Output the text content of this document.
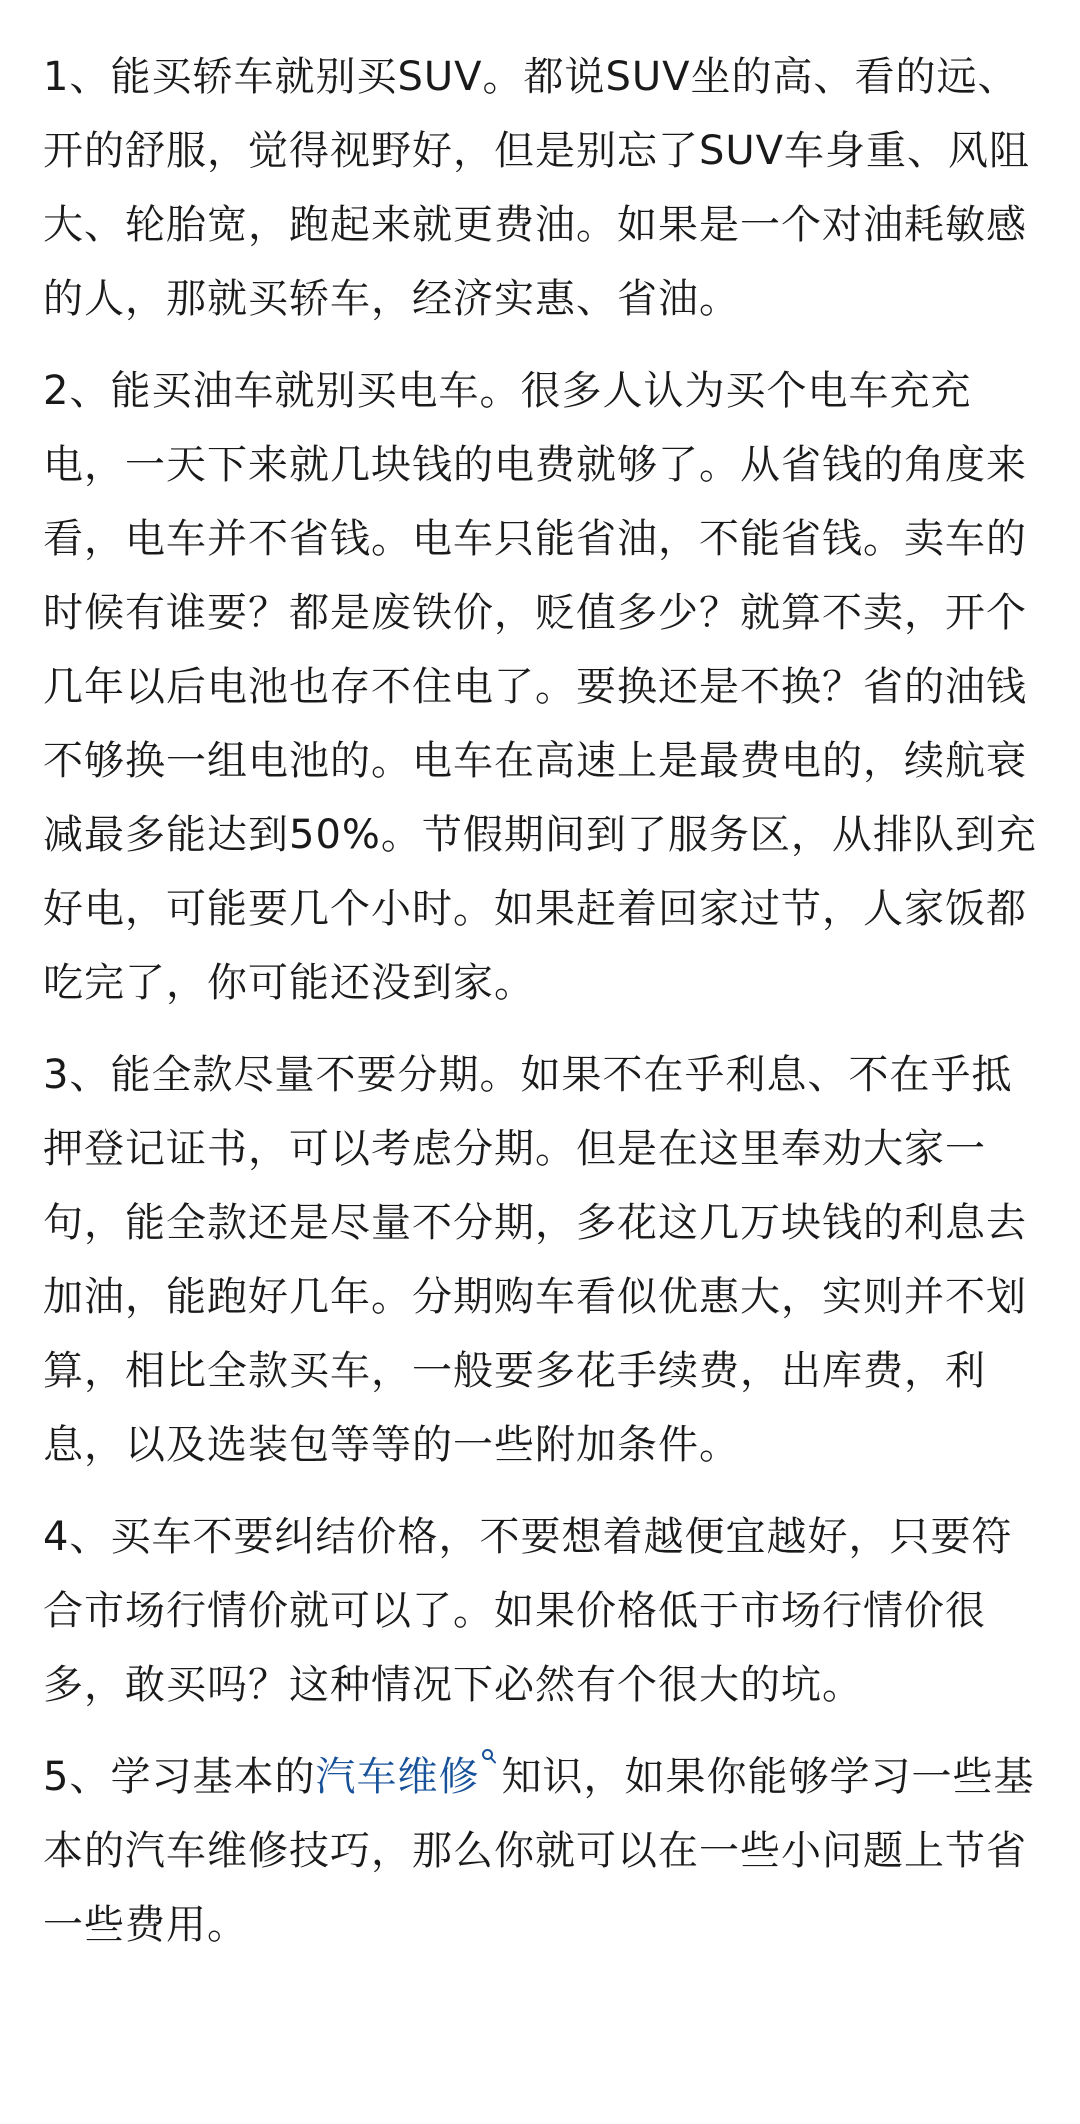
1、能买轿车就别买SUV。都说SUV坐的高、看的远、开的舒服，觉得视野好，但是别忘了SUV车身重、风阻大、轮胎宽，跑起来就更费油。如果是一个对油耗敏感的人，那就买轿车，经济实惠、省油。

2、能买油车就别买电车。很多人认为买个电车充充电，一天下来就几块钱的电费就够了。从省钱的角度来看，电车并不省钱。电车只能省油，不能省钱。卖车的时候有谁要？都是废铁价，贬值多少？就算不卖，开个几年以后电池也存不住电了。要换还是不换？省的油钱不够换一组电池的。电车在高速上是最费电的，续航衰减最多能达到50%。节假期间到了服务区，从排队到充好电，可能要几个小时。如果赶着回家过节，人家饭都吃完了，你可能还没到家。

3、能全款尽量不要分期。如果不在乎利息、不在乎抵押登记证书，可以考虑分期。但是在这里奉劝大家一句，能全款还是尽量不分期，多花这几万块钱的利息去加油，能跑好几年。分期购车看似优惠大，实则并不划算，相比全款买车，一般要多花手续费，出库费，利息，以及选装包等等的一些附加条件。

4、买车不要纠结价格，不要想着越便宜越好，只要符合市场行情价就可以了。如果价格低于市场行情价很多，敢买吗？这种情况下必然有个很大的坑。

5、学习基本的汽车维修 知识，如果你能够学习一些基本的汽车维修技巧，那么你就可以在一些小问题上节省一些费用。
